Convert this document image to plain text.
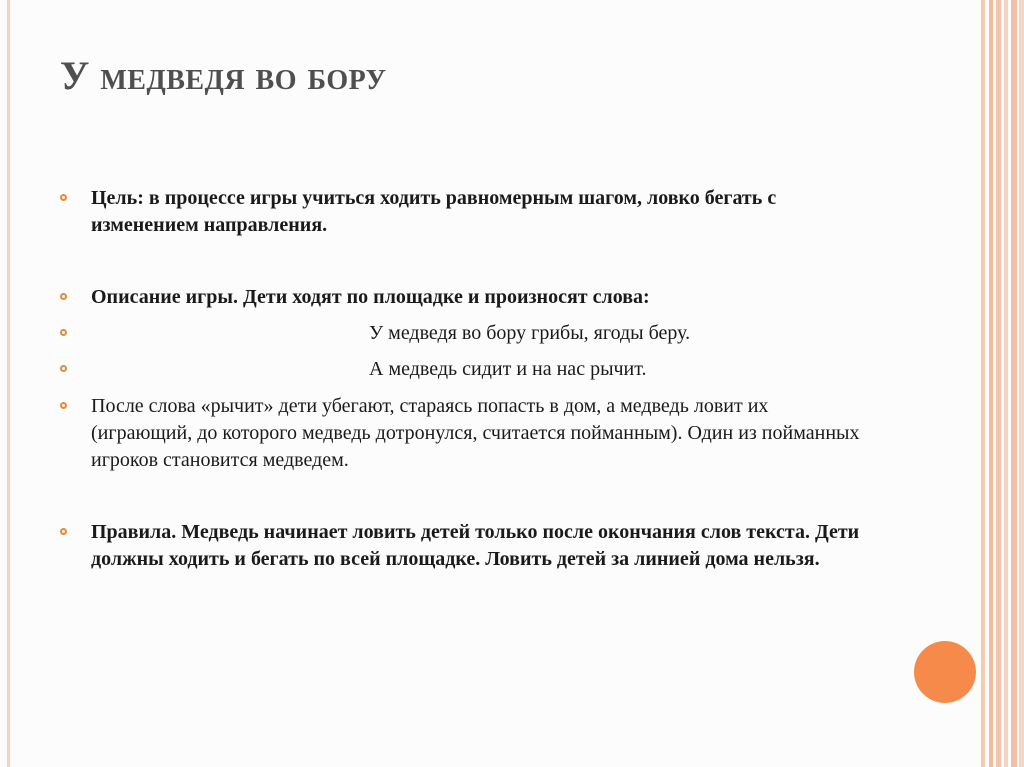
У медведя во бору
Цель: в процессе игры учиться ходить равномерным шагом, ловко бегать с изменением направления.
Описание игры. Дети ходят по площадке и произносят слова:
У медведя во бору грибы, ягоды беру.
А медведь сидит и на нас рычит.
После слова «рычит» дети убегают, стараясь попасть в дом, а медведь ловит их (играющий, до которого медведь дотронулся, считается пойманным). Один из пойманных игроков становится медведем.
Правила. Медведь начинает ловить детей только после окончания слов текста. Дети должны ходить и бегать по всей площадке. Ловить детей за линией дома нельзя.
